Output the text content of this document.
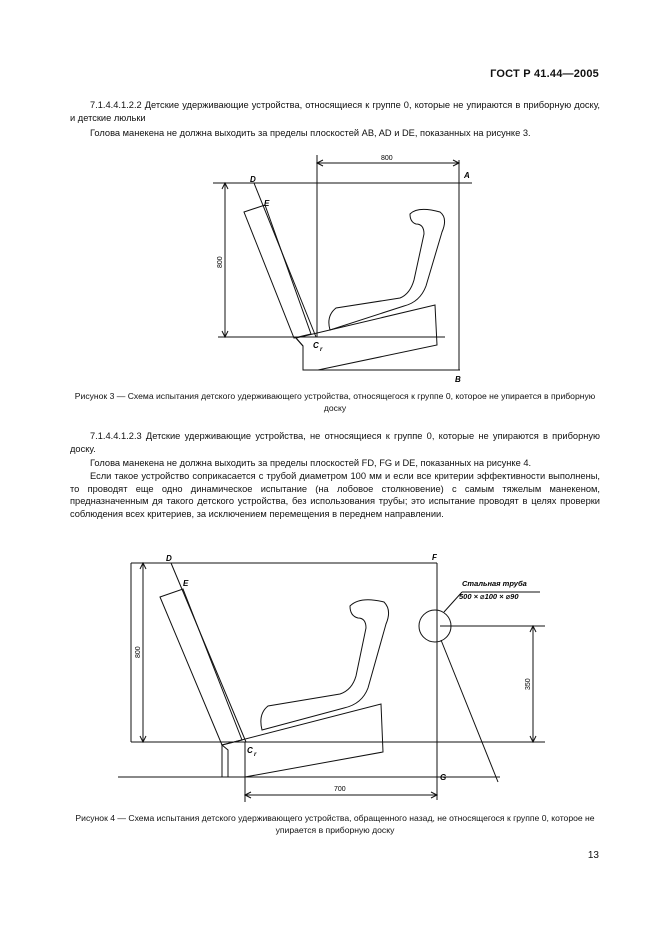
ГОСТ Р 41.44—2005
7.1.4.4.1.2.2 Детские удерживающие устройства, относящиеся к группе 0, которые не упираются в приборную доску, и детские люльки
Голова манекена не должна выходить за пределы плоскостей AB, AD и DE, показанных на рисунке 3.
D
E
A
B
C r
800
800
D
E
F
G
C r
Стальная труба
500 × ⌀100 × ⌀90
800
350
700
Рисунок 3 — Схема испытания детского удерживающего устройства, относящегося к группе 0, которое не упирается в приборную доску
7.1.4.4.1.2.3 Детские удерживающие устройства, не относящиеся к группе 0, которые не упираются в приборную доску.
Голова манекена не должна выходить за пределы плоскостей FD, FG и DE, показанных на рисунке 4.
Если такое устройство соприкасается с трубой диаметром 100 мм и если все критерии эффективности выполнены, то проводят еще одно динамическое испытание (на лобовое столкновение) с самым тяжелым манекеном, предназначенным дя такого детского устройства, без использования трубы; это испытание проводят в целях проверки соблюдения всех критериев, за исключением перемещения в переднем направлении.
Рисунок 4 — Схема испытания детского удерживающего устройства, обращенного назад, не относящегося к группе 0, которое не упирается в приборную доску
13
